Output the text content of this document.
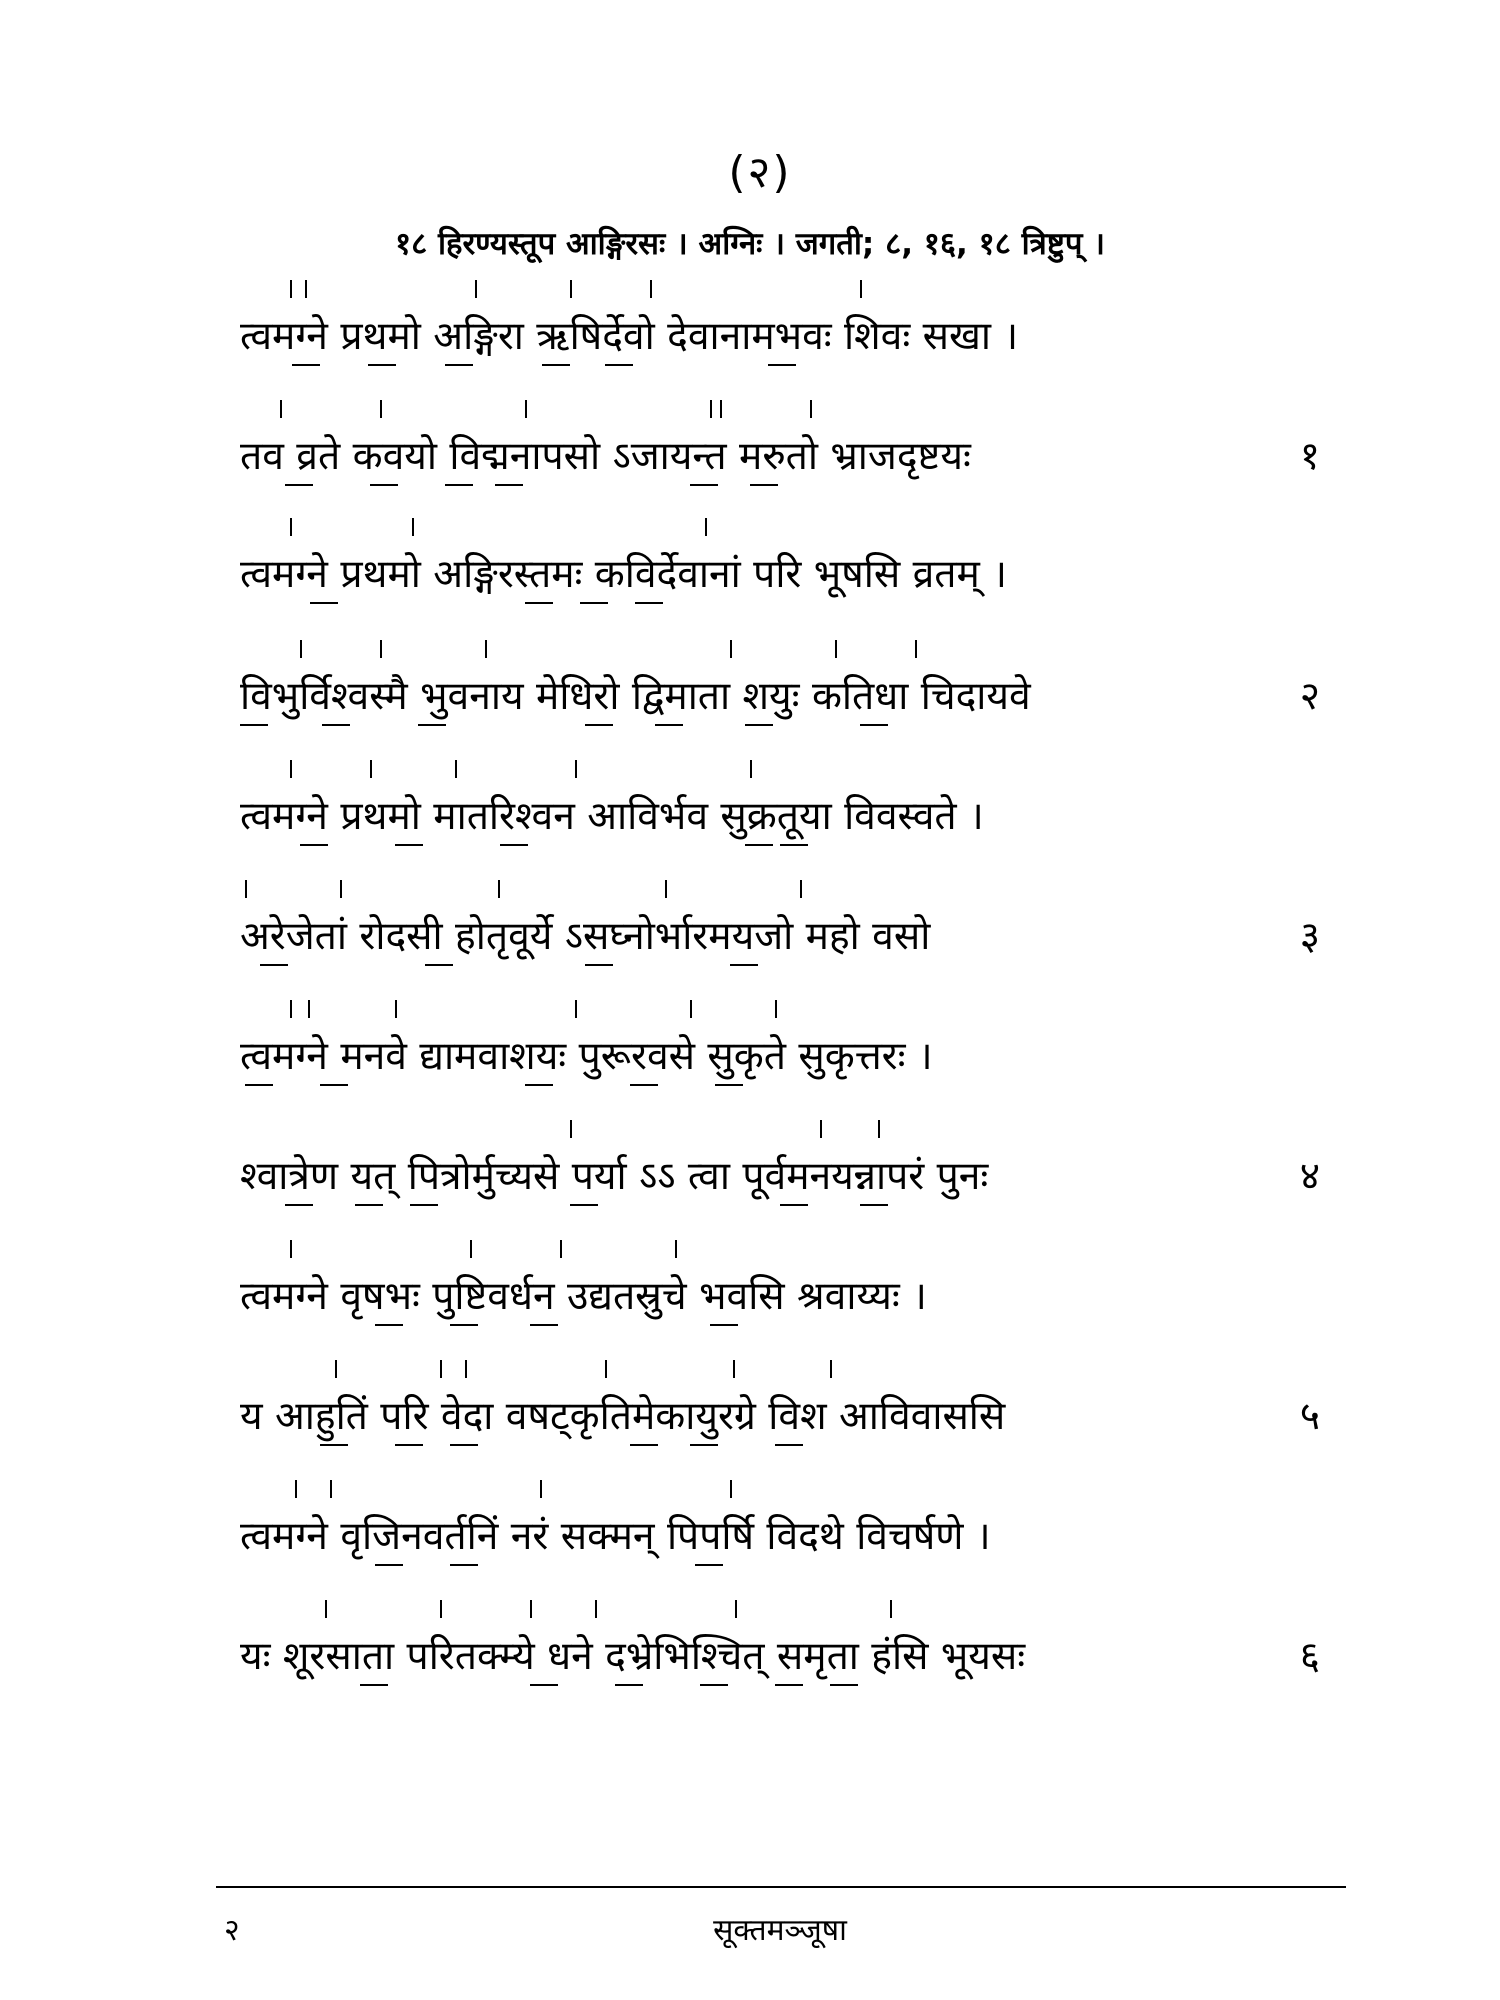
(२)
१८ हिरण्यस्तूप आङ्गिरसः । अग्निः । जगती; ८, १६, १८ त्रिष्टुप् ।
त्वमग्ने प्रथमो अङ्गिरा ऋषिर्देवो देवानामभवः शिवः सखा ।
तव व्रते कवयो विद्मनापसो ऽजायन्त मरुतो भ्राजदृष्टयः	१
त्वमग्ने प्रथमो अङ्गिरस्तमः कविर्देवानां परि भूषसि व्रतम् ।
विभुर्विश्वस्मै भुवनाय मेधिरो द्विमाता शयुः कतिधा चिदायवे	२
त्वमग्ने प्रथमो मातरिश्वन आविर्भव सुक्रतूया विवस्वते ।
अरेजेतां रोदसी होतृवूर्ये ऽसघ्नोर्भारमयजो महो वसो	३
त्वमग्ने मनवे द्यामवाशयः पुरूरवसे सुकृते सुकृत्तरः ।
श्वात्रेण यत् पित्रोर्मुच्यसे पर्या ऽऽ त्वा पूर्वमनयन्नापरं पुनः	४
त्वमग्ने वृषभः पुष्टिवर्धन उद्यतस्रुचे भवसि श्रवाय्यः ।
य आहुतिं परि वेदा वषट्कृतिमेकायुरग्रे विश आविवाससि	५
त्वमग्ने वृजिनवर्तनिं नरं सक्मन् पिपर्षि विदथे विचर्षणे ।
यः शूरसाता परितक्म्ये धने दभ्रेभिश्चित् समृता हंसि भूयसः	६
२	सूक्तमञ्जूषा
